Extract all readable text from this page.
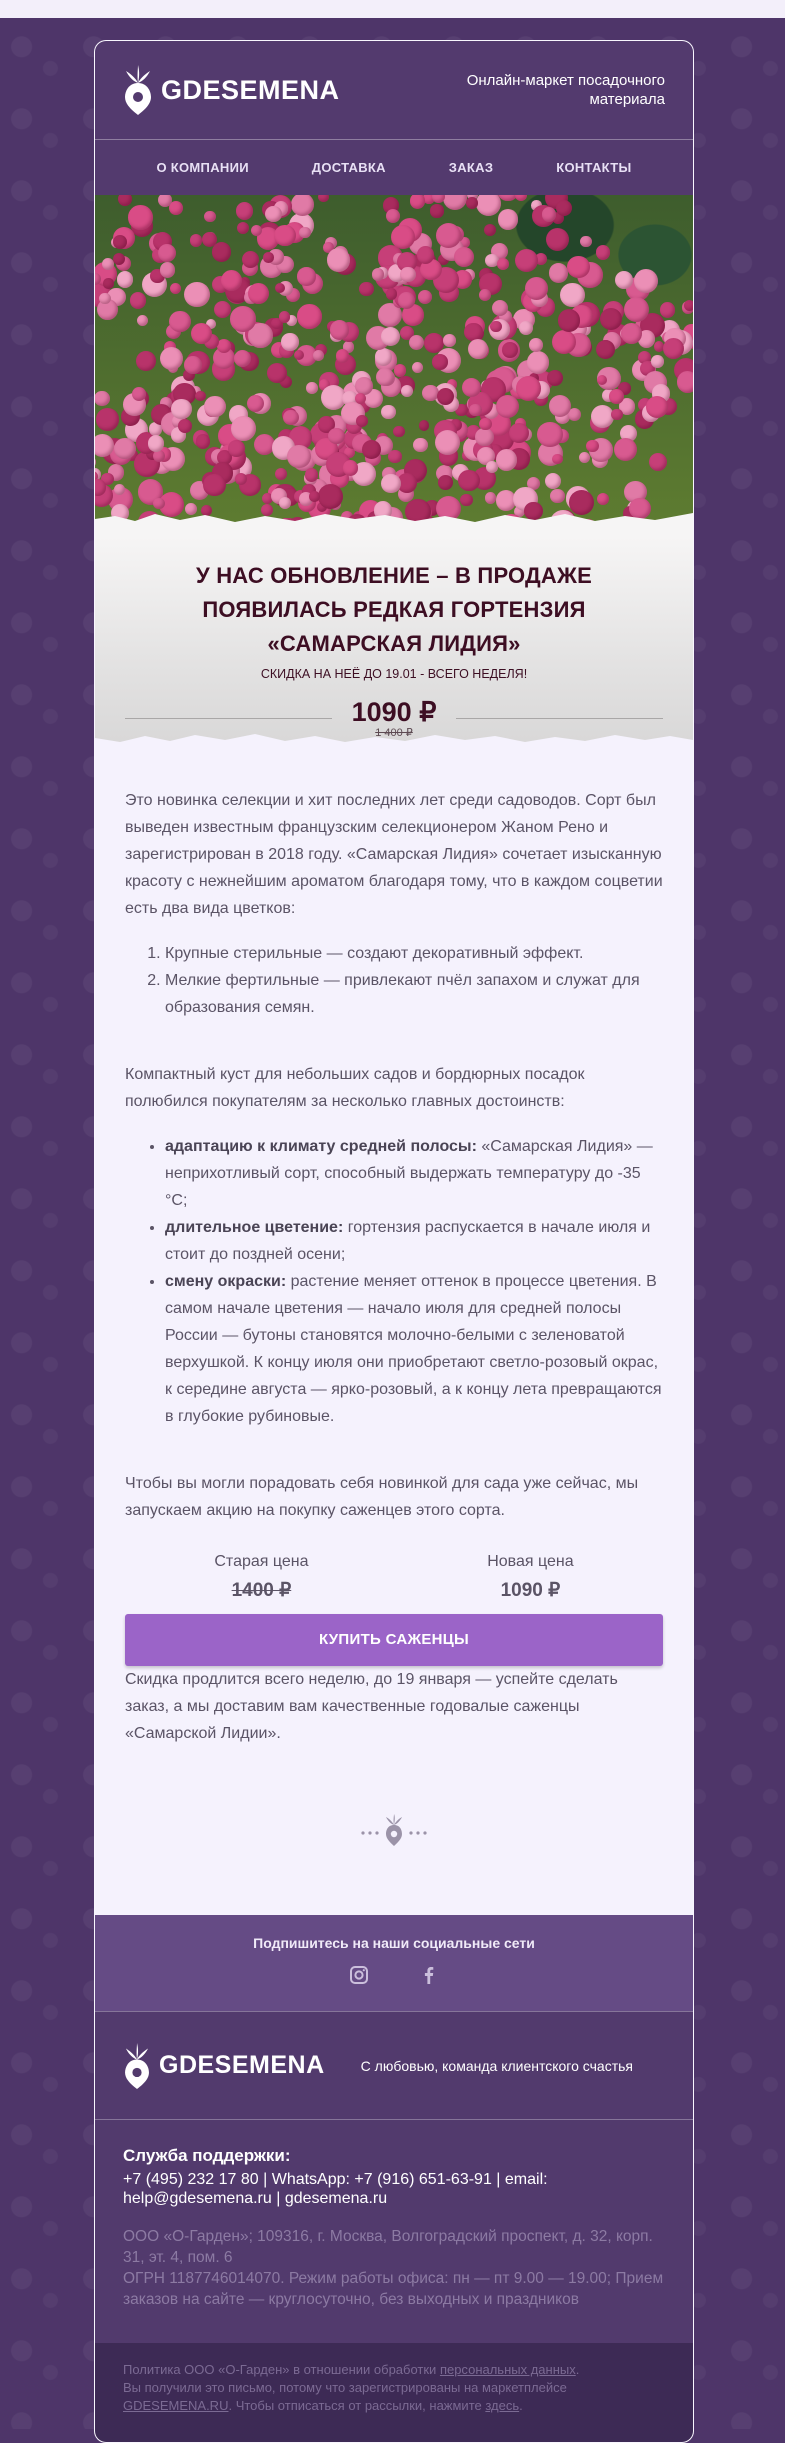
GDESEMENA	Онлайн-маркет посадочного материала
О КОМПАНИИ	ДОСТАВКА	ЗАКАЗ	КОНТАКТЫ
У НАС ОБНОВЛЕНИЕ – В ПРОДАЖЕ ПОЯВИЛАСЬ РЕДКАЯ ГОРТЕНЗИЯ «САМАРСКАЯ ЛИДИЯ»
СКИДКА НА НЕЁ ДО 19.01 - ВСЕГО НЕДЕЛЯ!
1090 ₽
1 400 ₽

Это новинка селекции и хит последних лет среди садоводов. Сорт был выведен известным французским селекционером Жаном Рено и зарегистрирован в 2018 году. «Самарская Лидия» сочетает изысканную красоту с нежнейшим ароматом благодаря тому, что в каждом соцветии есть два вида цветков:

1. Крупные стерильные — создают декоративный эффект.
2. Мелкие фертильные — привлекают пчёл запахом и служат для образования семян.

Компактный куст для небольших садов и бордюрных посадок полюбился покупателям за несколько главных достоинств:

• адаптацию к климату средней полосы: «Самарская Лидия» — неприхотливый сорт, способный выдержать температуру до -35 °C;
• длительное цветение: гортензия распускается в начале июля и стоит до поздней осени;
• смену окраски: растение меняет оттенок в процессе цветения. В самом начале цветения — начало июля для средней полосы России — бутоны становятся молочно-белыми с зеленоватой верхушкой. К концу июля они приобретают светло-розовый окрас, к середине августа — ярко-розовый, а к концу лета превращаются в глубокие рубиновые.

Чтобы вы могли порадовать себя новинкой для сада уже сейчас, мы запускаем акцию на покупку саженцев этого сорта.

Старая цена
1400 ₽
Новая цена
1090 ₽
КУПИТЬ САЖЕНЦЫ

Скидка продлится всего неделю, до 19 января — успейте сделать заказ, а мы доставим вам качественные годовалые саженцы «Самарской Лидии».

Подпишитесь на наши социальные сети
GDESEMENA	С любовью, команда клиентского счастья
Служба поддержки:
+7 (495) 232 17 80 | WhatsApp: +7 (916) 651-63-91 | email: help@gdesemena.ru | gdesemena.ru
ООО «О-Гарден»; 109316, г. Москва, Волгоградский проспект, д. 32, корп. 31, эт. 4, пом. 6
ОГРН 1187746014070. Режим работы офиса: пн — пт 9.00 — 19.00; Прием заказов на сайте — круглосуточно, без выходных и праздников
Политика ООО «О-Гарден» в отношении обработки персональных данных.
Вы получили это письмо, потому что зарегистрированы на маркетплейсе GDESEMENA.RU. Чтобы отписаться от рассылки, нажмите здесь.
